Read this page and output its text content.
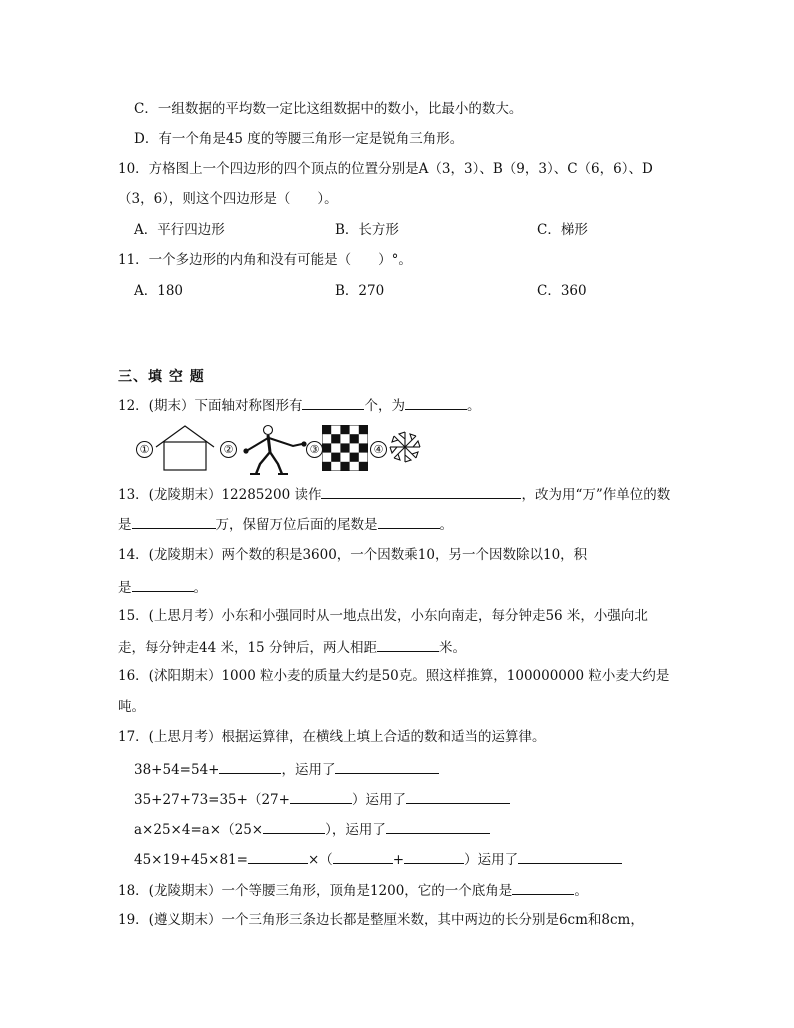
C．一组数据的平均数一定比这组数据中的数小，比最小的数大。
D．有一个角是45 度的等腰三角形一定是锐角三角形。
10．方格图上一个四边形的四个顶点的位置分别是A（3，3）、B（9，3）、C（6，6）、D
（3，6），则这个四边形是（　　）。
A．平行四边形	B．长方形	C．梯形
11．一个多边形的内角和没有可能是（　　）°。
A．180	B．270	C．360
三、填 空 题
12．(期末）下面轴对称图形有	个，为	。
①	②	③	④
13．(龙陵期末）12285200 读作	，改为用“万”作单位的数
是	万，保留万位后面的尾数是	。
14．(龙陵期末）两个数的积是3600，一个因数乘10，另一个因数除以10，积
是	。
15．(上思月考）小东和小强同时从一地点出发，小东向南走，每分钟走56 米，小强向北
走，每分钟走44 米，15 分钟后，两人相距	米。
16．(沭阳期末）1000 粒小麦的质量大约是50克。照这样推算，100000000 粒小麦大约是
吨。
17．(上思月考）根据运算律，在横线上填上合适的数和适当的运算律。
38+54=54+	，运用了
35+27+73=35+（27+	）运用了
a×25×4=a×（25×	），运用了
45×19+45×81=	×（	+	）运用了
18．(龙陵期末）一个等腰三角形，顶角是1200，它的一个底角是	。
19．(遵义期末）一个三角形三条边长都是整厘米数，其中两边的长分别是6cm和8cm，
